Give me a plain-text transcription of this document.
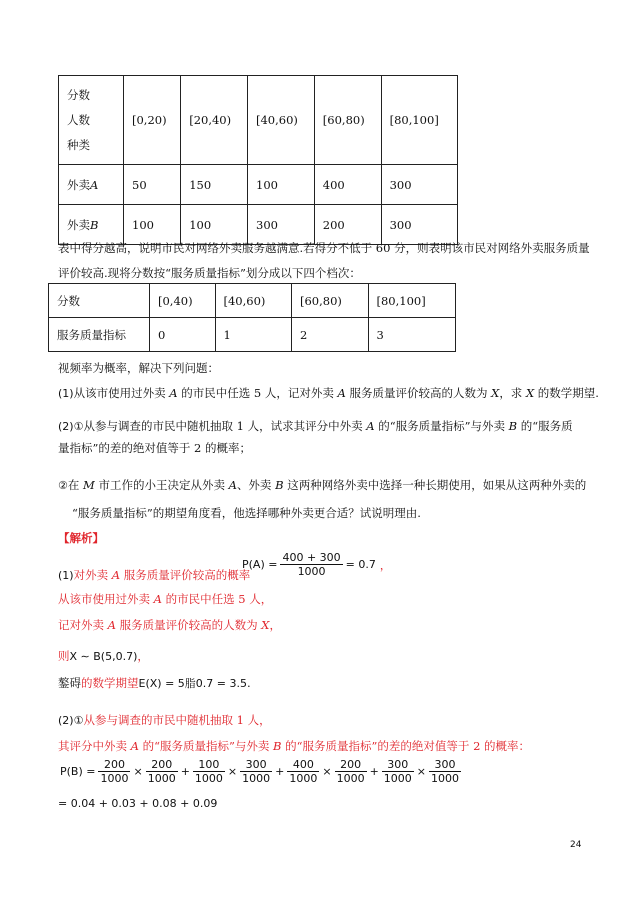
分数
人数
种类	[0,20)	[20,40)	[40,60)	[60,80)	[80,100]
外卖A	50	150	100	400	300
外卖B	100	100	300	200	300
表中得分越高，说明市民对网络外卖服务越满意.若得分不低于 60 分，则表明该市民对网络外卖服务质量
评价较高.现将分数按“服务质量指标”划分成以下四个档次：
分数	[0,40)	[40,60)	[60,80)	[80,100]
服务质量指标	0	1	2	3
视频率为概率，解决下列问题：
(1)从该市使用过外卖 A 的市民中任选 5 人，记对外卖 A 服务质量评价较高的人数为 X，求 X 的数学期望.
(2)①从参与调查的市民中随机抽取 1 人，试求其评分中外卖 A 的“服务质量指标”与外卖 B 的“服务质
量指标”的差的绝对值等于 2 的概率；
②在 M 市工作的小王决定从外卖 A、外卖 B 这两种网络外卖中选择一种长期使用，如果从这两种外卖的
“服务质量指标”的期望角度看，他选择哪种外卖更合适？试说明理由.
【解析】
(1)对外卖 A 服务质量评价较高的概率
$P(A) = \frac{400 + 300}{1000} = 0.7$ ，
从该市使用过外卖 A 的市民中任选 5 人，
记对外卖 A 服务质量评价较高的人数为 X，
则X ∼ B(5,0.7)，
鏊碍的数学期望E(X) = 5脂0.7 = 3.5.
(2)①从参与调查的市民中随机抽取 1 人，
其评分中外卖 A 的“服务质量指标”与外卖 B 的“服务质量指标”的差的绝对值等于 2 的概率：
$P(B) = \frac{200}{1000} \times \frac{200}{1000} + \frac{100}{1000} \times \frac{300}{1000} + \frac{400}{1000} \times \frac{200}{1000} + \frac{300}{1000} \times \frac{300}{1000}$
= 0.04 + 0.03 + 0.08 + 0.09
24
